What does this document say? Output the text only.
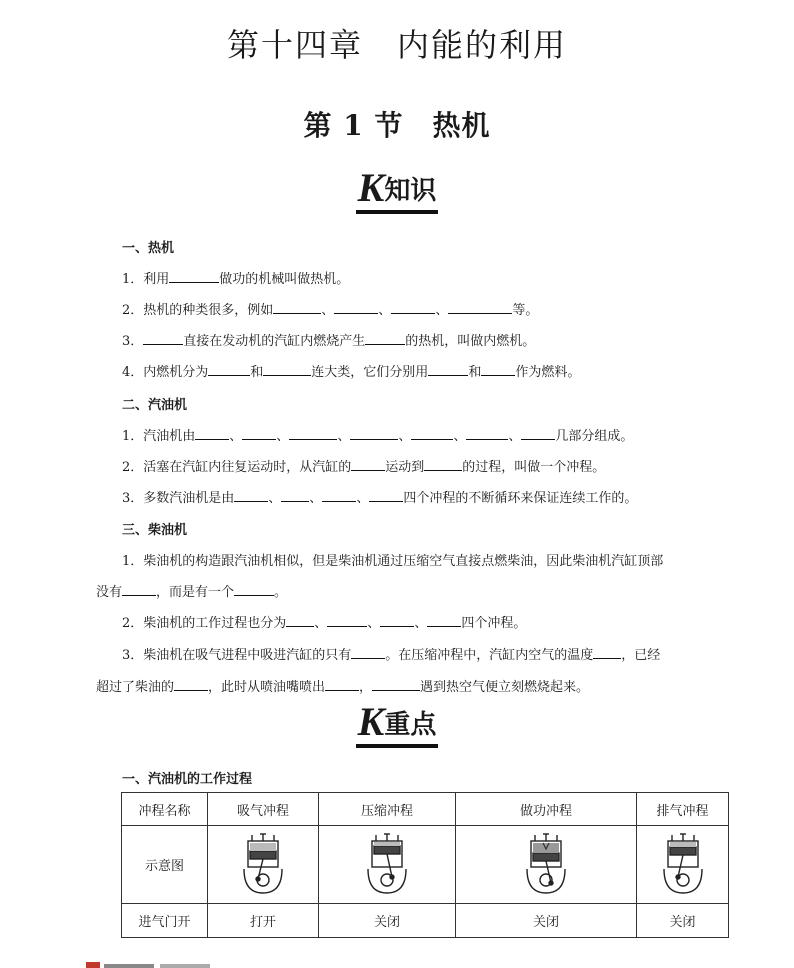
第十四章　内能的利用
第 1 节　热机
K知识
一、热机
1．利用	做功的机械叫做热机。
2．热机的种类很多，例如	、	、	、	等。
3．	直接在发动机的汽缸内燃烧产生	的热机，叫做内燃机。
4．内燃机分为	和	连大类，它们分别用	和	作为燃料。
二、汽油机
1．汽油机由	、	、	、	、	、	、	几部分组成。
2．活塞在汽缸内往复运动时，从汽缸的	运动到	的过程，叫做一个冲程。
3．多数汽油机是由	、 、	、	四个冲程的不断循环来保证连续工作的。
三、柴油机
1．柴油机的构造跟汽油机相似，但是柴油机通过压缩空气直接点燃柴油，因此柴油机汽缸顶部
没有	，而是有一个	。
2．柴油机的工作过程也分为 、	、	、	四个冲程。
3．柴油机在吸气进程中吸进汽缸的只有	。在压缩冲程中，汽缸内空气的温度 ，已经
超过了柴油的	，此时从喷油嘴喷出	，	遇到热空气便立刻燃烧起来。
K重点
一、汽油机的工作过程
冲程名称	吸气冲程	压缩冲程	做功冲程	排气冲程
示意图	

进气门开	打开	关闭	关闭	关闭
